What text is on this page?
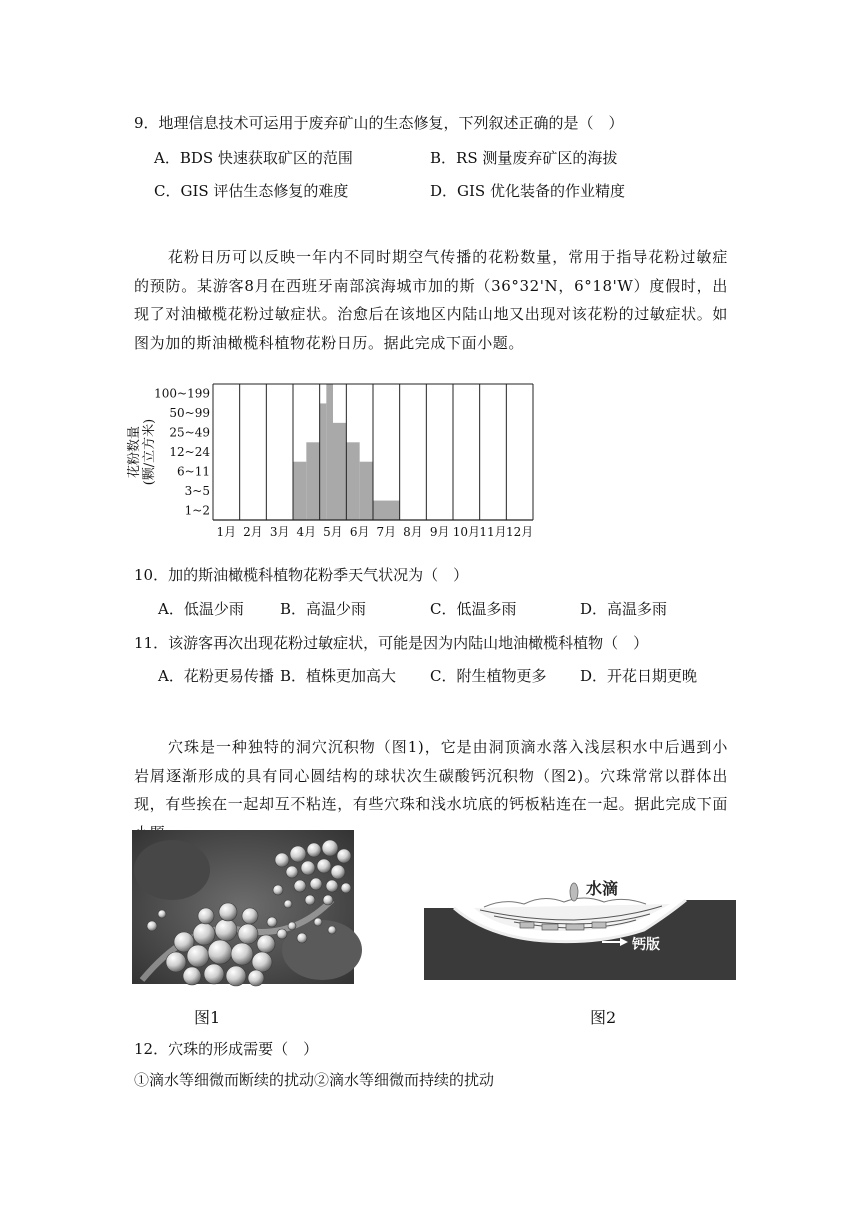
9．地理信息技术可运用于废弃矿山的生态修复，下列叙述正确的是（　）
A．BDS 快速获取矿区的范围	B．RS 测量废弃矿区的海拔
C．GIS 评估生态修复的难度	D．GIS 优化装备的作业精度
花粉日历可以反映一年内不同时期空气传播的花粉数量，常用于指导花粉过敏症的预防。某游客8月在西班牙南部滨海城市加的斯（36°32'N，6°18'W）度假时，出现了对油橄榄花粉过敏症状。治愈后在该地区内陆山地又出现对该花粉的过敏症状。如图为加的斯油橄榄科植物花粉日历。据此完成下面小题。
1~2
3~5
6~11
12~24
25~49
50~99
100~199
1月 2月 3月 4月 5月 6月 7月 8月 9月 10月 11月 12月
花粉数量 (颗/立方米)
10．加的斯油橄榄科植物花粉季天气状况为（　）
A．低温少雨 B．高温少雨	C．低温多雨	D．高温多雨
11．该游客再次出现花粉过敏症状，可能是因为内陆山地油橄榄科植物（　）
A．花粉更易传播 B．植株更加高大 C．附生植物更多 D．开花日期更晚
穴珠是一种独特的洞穴沉积物（图1)，它是由洞顶滴水落入浅层积水中后遇到小岩屑逐渐形成的具有同心圆结构的球状次生碳酸钙沉积物（图2)。穴珠常常以群体出现，有些挨在一起却互不粘连，有些穴珠和浅水坑底的钙板粘连在一起。据此完成下面
图1
水滴
钙版
图2
12．穴珠的形成需要（　）
①滴水等细微而断续的扰动②滴水等细微而持续的扰动
